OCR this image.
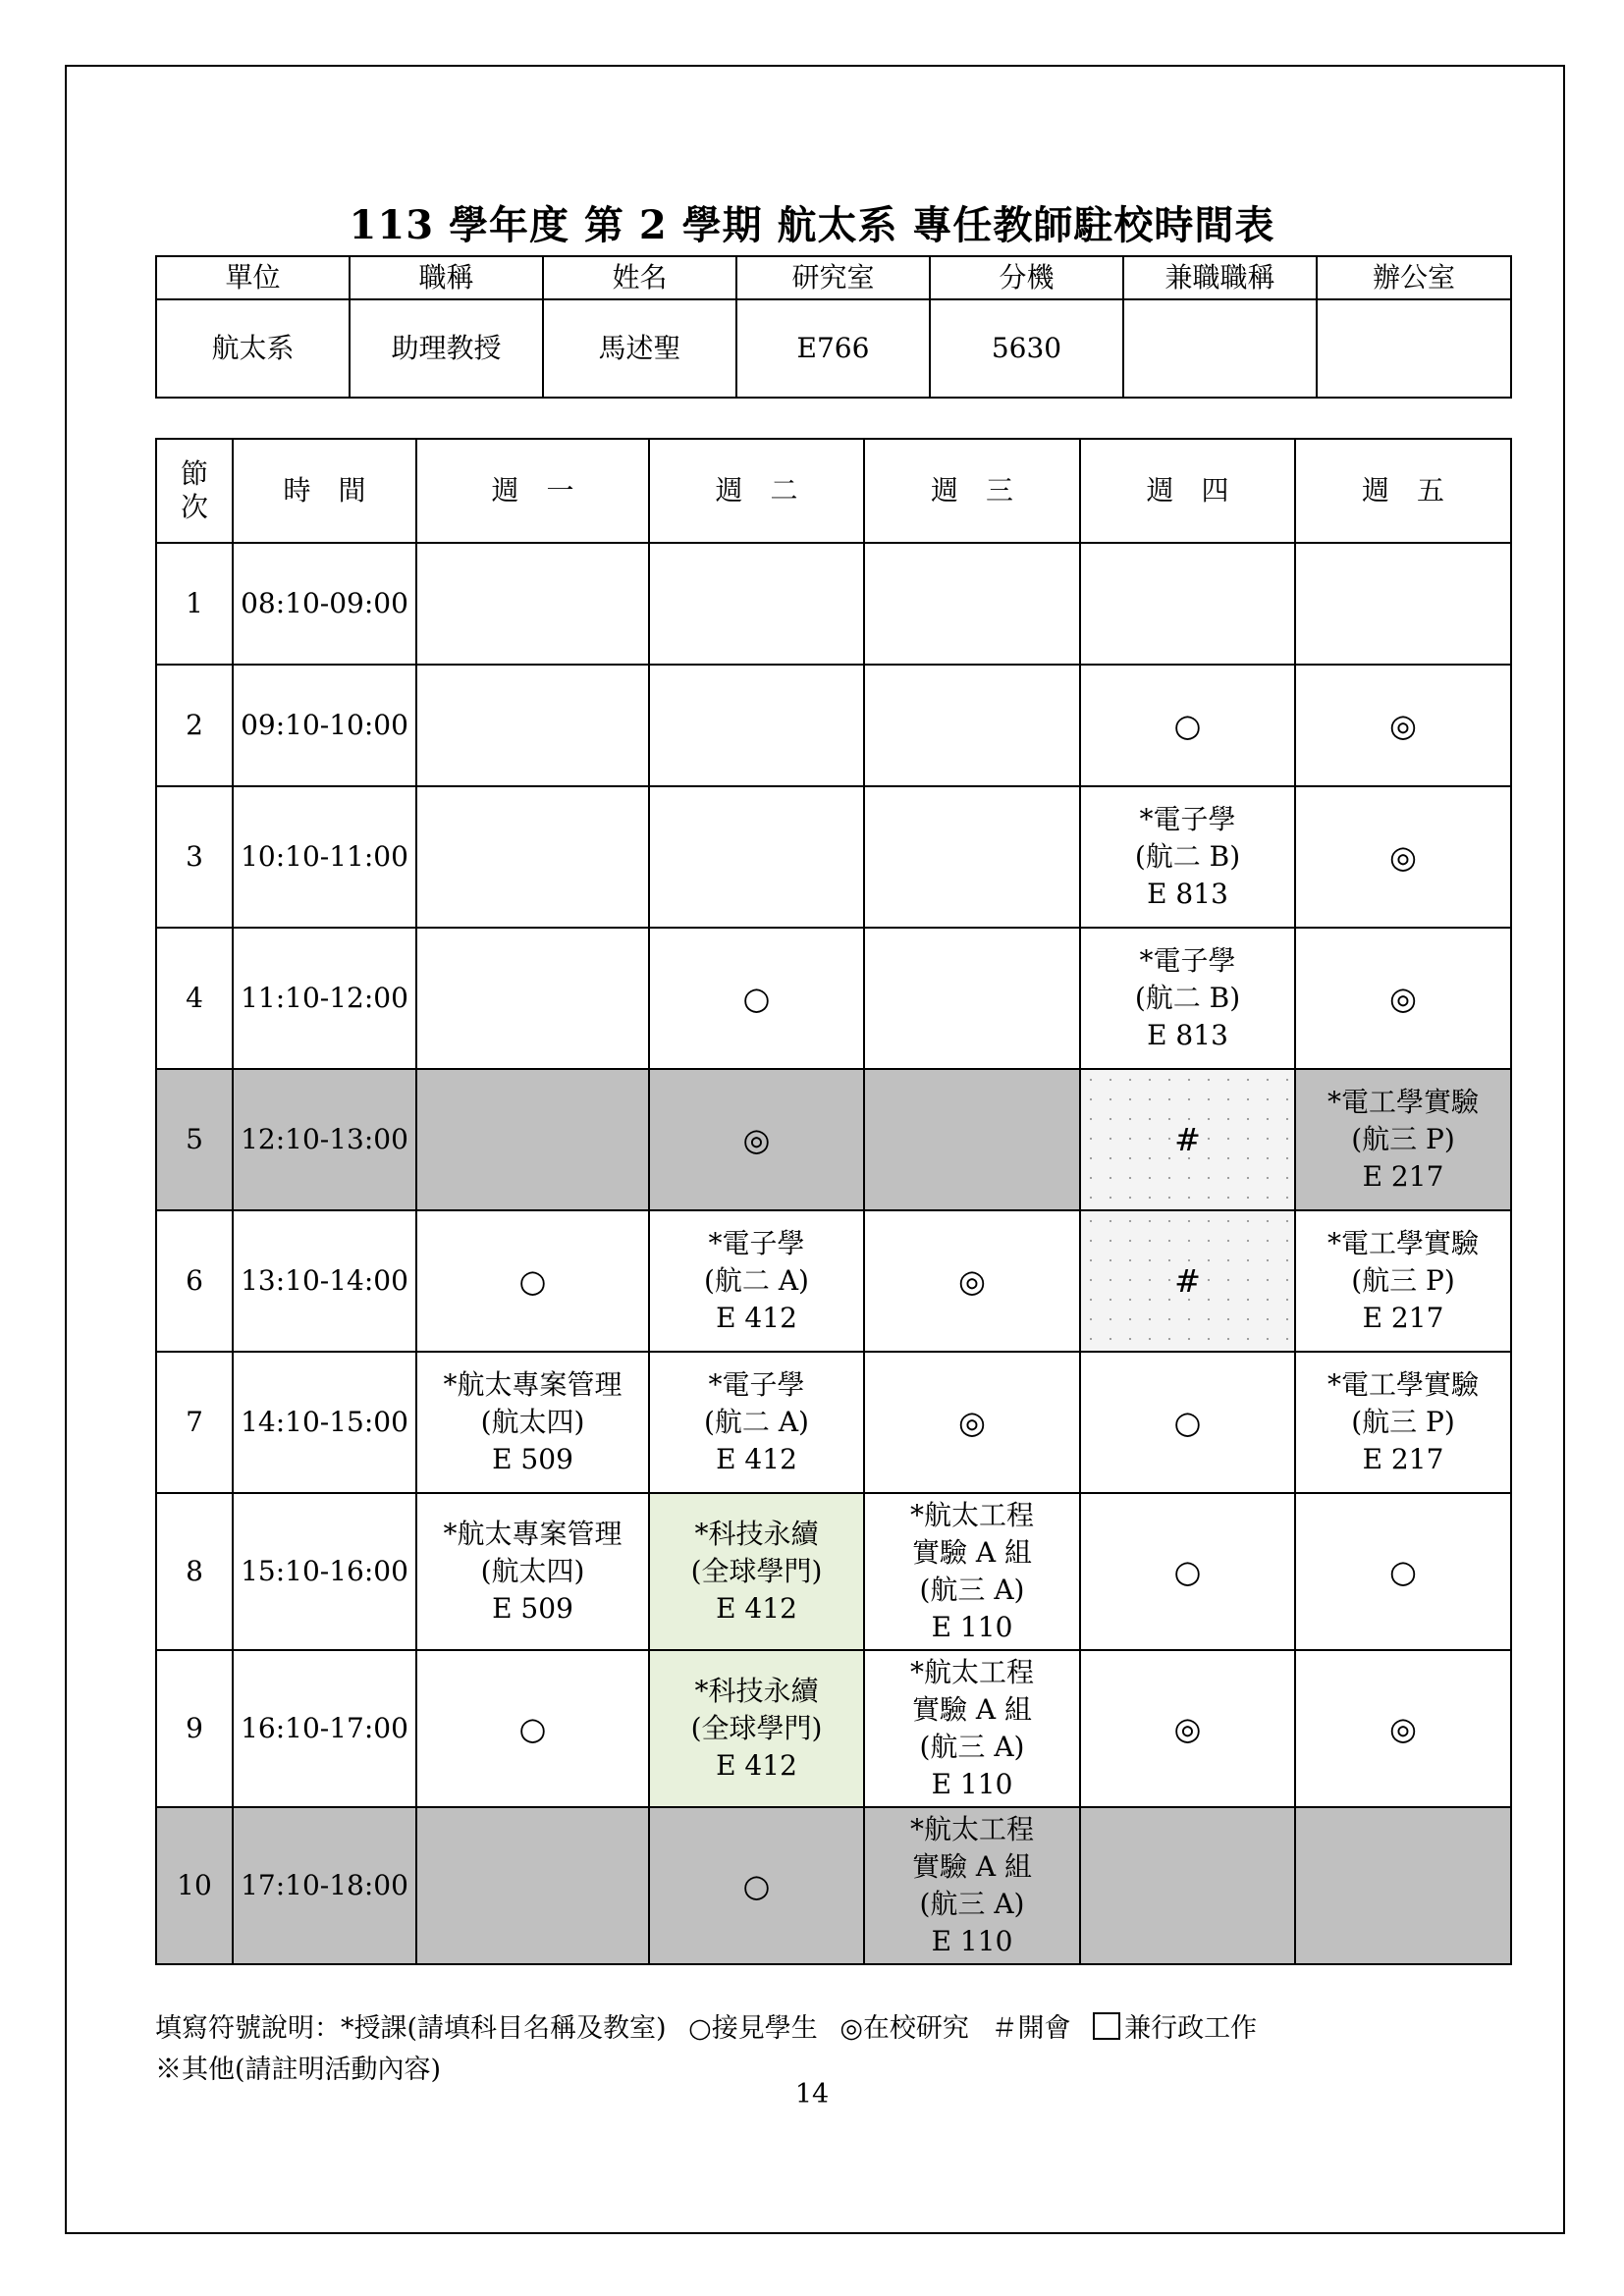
113 學年度 第 2 學期 航太系 專任教師駐校時間表
單位	職稱	姓名	研究室	分機	兼職職稱	辦公室
航太系	助理教授	馬述聖	E766	5630		
節
次	時　間	週　一	週　二	週　三	週　四	週　五
1	08:10-09:00					
2	09:10-10:00				○	◎
3	10:10-11:00				*電子學
(航二 B)
E 813	◎
4	11:10-12:00		○		*電子學
(航二 B)
E 813	◎
5	12:10-13:00		◎		#	*電工學實驗
(航三 P)
E 217
6	13:10-14:00	○	*電子學
(航二 A)
E 412	◎	#	*電工學實驗
(航三 P)
E 217
7	14:10-15:00	*航太專案管理
(航太四)
E 509	*電子學
(航二 A)
E 412	◎	○	*電工學實驗
(航三 P)
E 217
8	15:10-16:00	*航太專案管理
(航太四)
E 509	*科技永續
(全球學門)
E 412	*航太工程
實驗 A 組
(航三 A)
E 110	○	○
9	16:10-17:00	○	*科技永續
(全球學門)
E 412	*航太工程
實驗 A 組
(航三 A)
E 110	◎	◎
10	17:10-18:00		○	*航太工程
實驗 A 組
(航三 A)
E 110		
填寫符號說明：*授課(請填科目名稱及教室) ○接見學生 ◎在校研究 ＃開會 兼行政工作
※其他(請註明活動內容)
14
